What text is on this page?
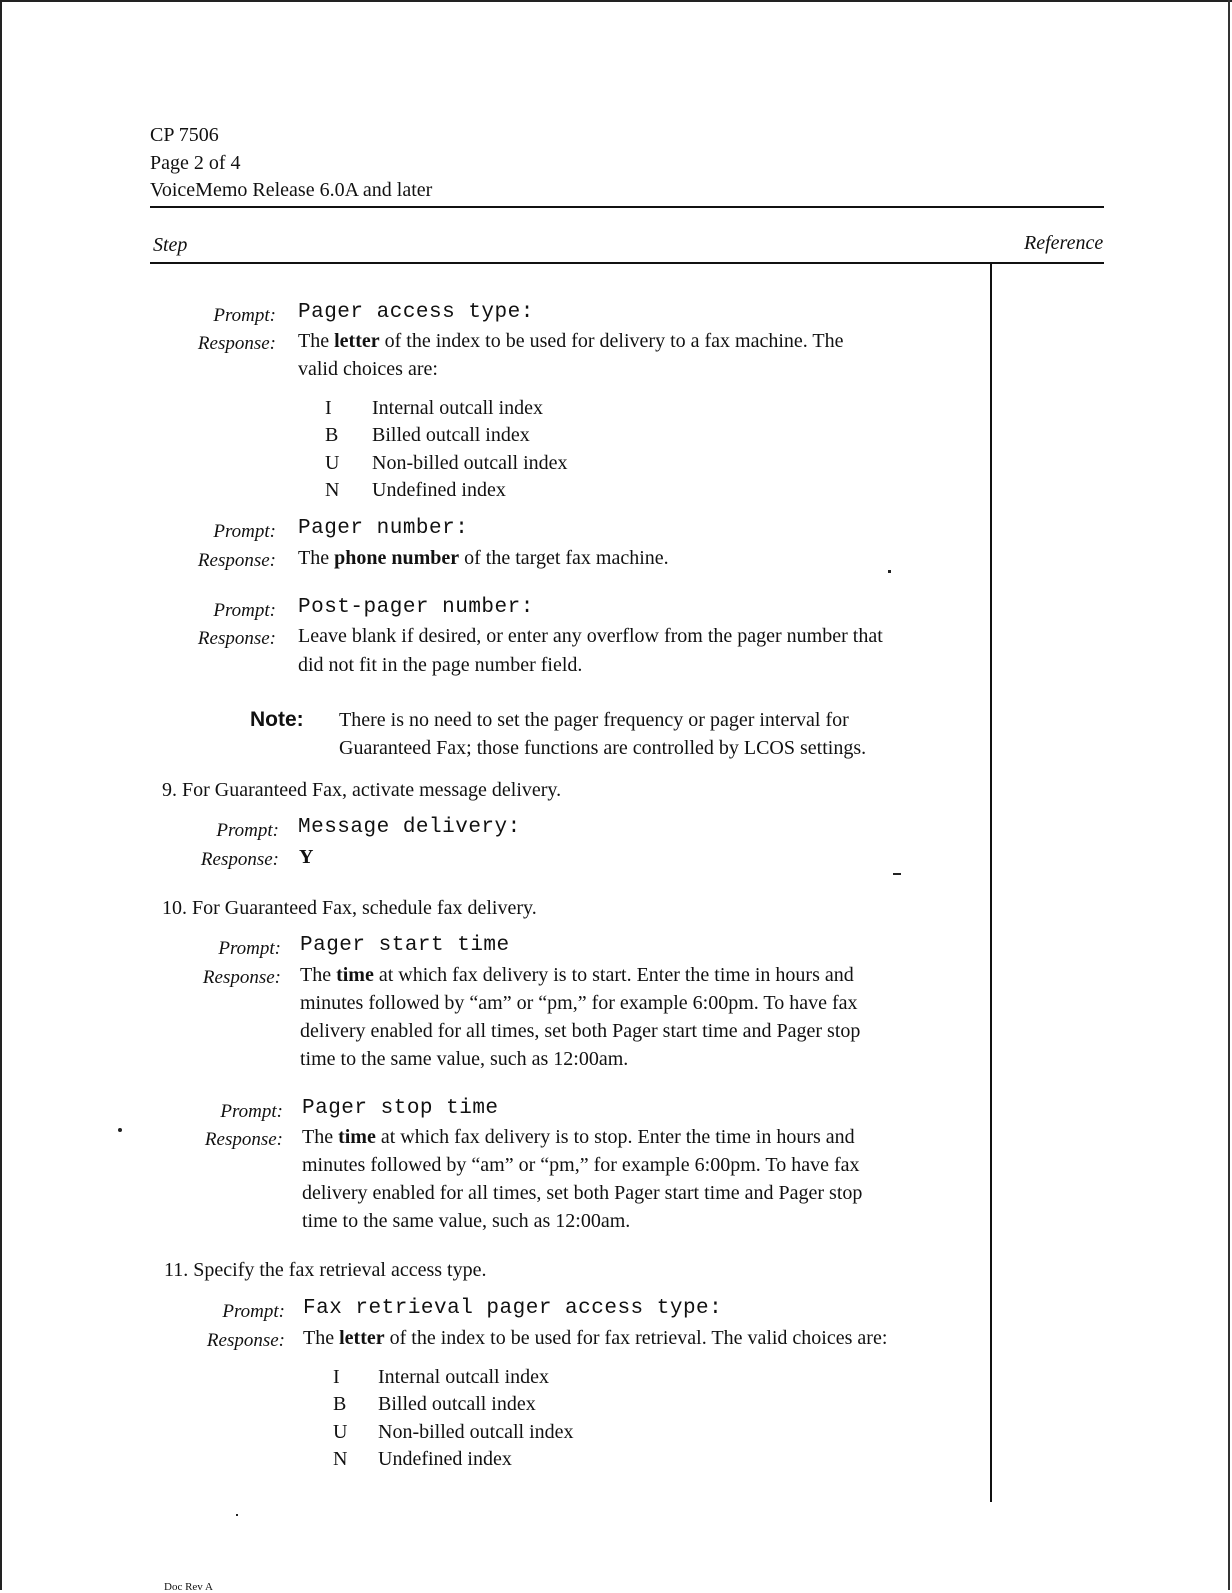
CP 7506
Page 2 of 4
VoiceMemo Release 6.0A and later
Step	Reference
Prompt: Pager access type:
Response: The letter of the index to be used for delivery to a fax machine. The
valid choices are:
I	Internal outcall index
B	Billed outcall index
U	Non-billed outcall index
N	Undefined index
Prompt: Pager number:
Response: The phone number of the target fax machine.
Prompt: Post-pager number:
Response: Leave blank if desired, or enter any overflow from the pager number that
did not fit in the page number field.
Note: There is no need to set the pager frequency or pager interval for
Guaranteed Fax; those functions are controlled by LCOS settings.
9. For Guaranteed Fax, activate message delivery.
Prompt: Message delivery:
Response: Y
10. For Guaranteed Fax, schedule fax delivery.
Prompt: Pager start time
Response: The time at which fax delivery is to start. Enter the time in hours and
minutes followed by “am” or “pm,” for example 6:00pm. To have fax
delivery enabled for all times, set both Pager start time and Pager stop
time to the same value, such as 12:00am.
Prompt: Pager stop time
Response: The time at which fax delivery is to stop. Enter the time in hours and
minutes followed by “am” or “pm,” for example 6:00pm. To have fax
delivery enabled for all times, set both Pager start time and Pager stop
time to the same value, such as 12:00am.
11. Specify the fax retrieval access type.
Prompt: Fax retrieval pager access type:
Response: The letter of the index to be used for fax retrieval. The valid choices are:
I	Internal outcall index
B	Billed outcall index
U	Non-billed outcall index
N	Undefined index
Doc Rev A
